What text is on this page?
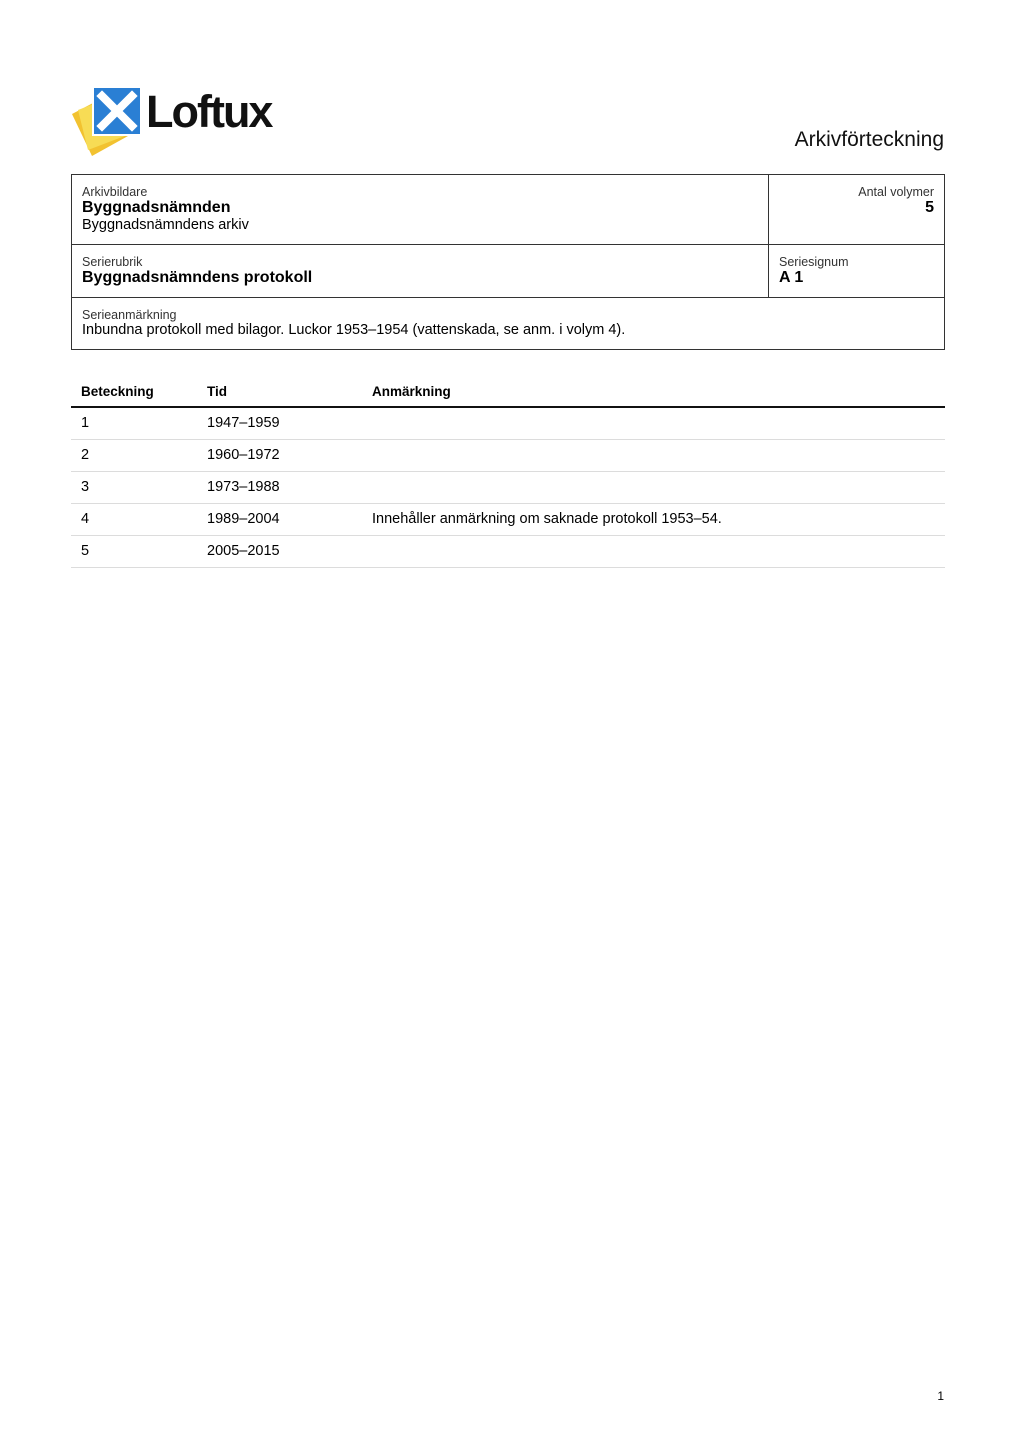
Loftux
Arkivförteckning
Arkivbildare
Byggnadsnämnden
Byggnadsnämndens arkiv
Antal volymer
5
Serierubrik
Byggnadsnämndens protokoll
Seriesignum
A 1
Serieanmärkning
Inbundna protokoll med bilagor. Luckor 1953–1954 (vattenskada, se anm. i volym 4).
Beteckning	Tid	Anmärkning
1	1947–1959	
2	1960–1972	
3	1973–1988	
4	1989–2004	Innehåller anmärkning om saknade protokoll 1953–54.
5	2005–2015	
1
